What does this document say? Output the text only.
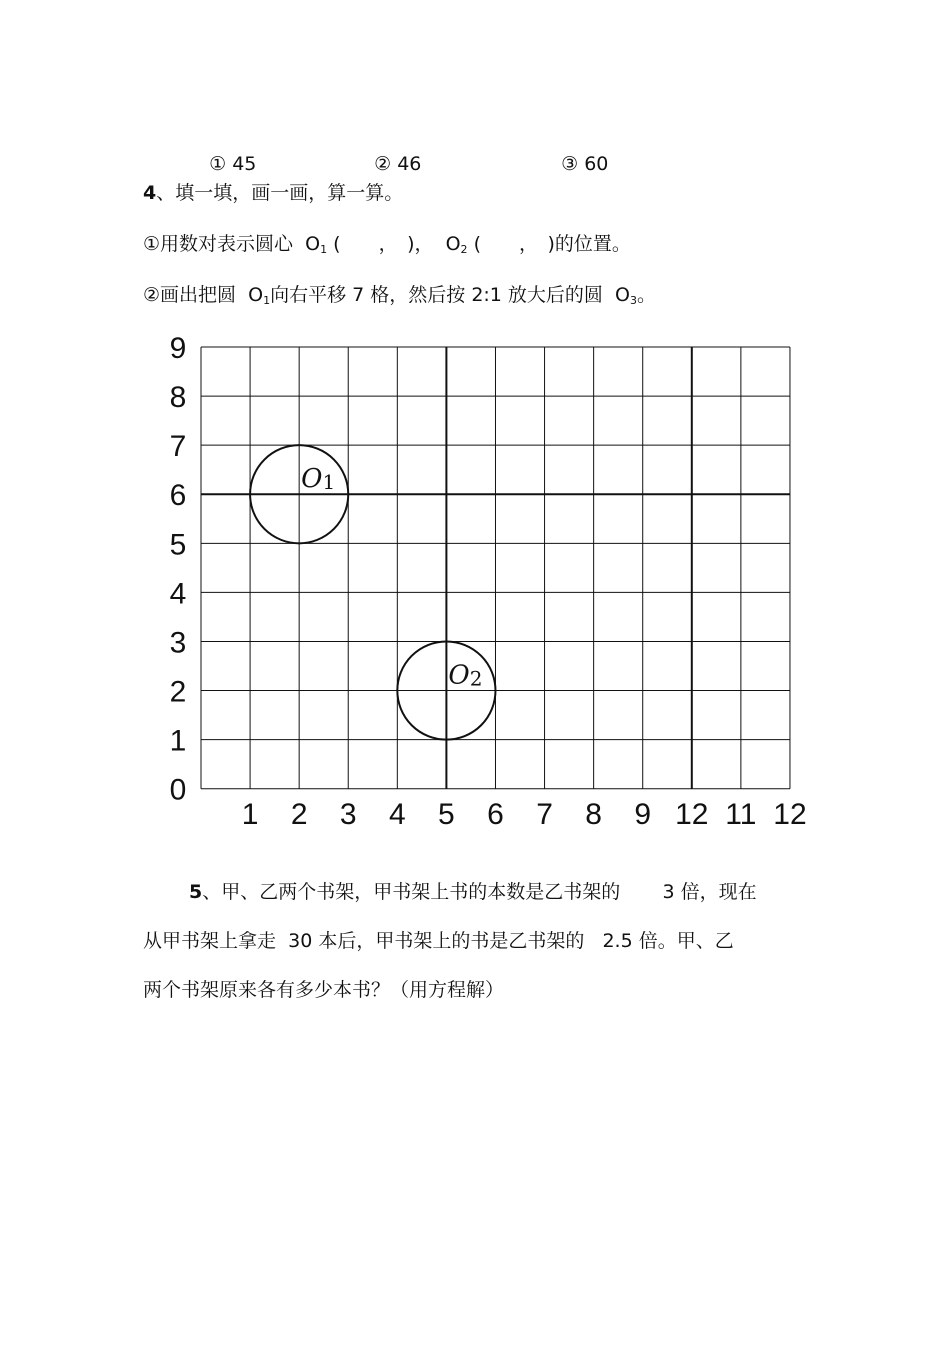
① 45	② 46	③ 60

4、填一填，画一画，算一算。
①用数对表示圆心 $O_1$ (　　，　)， $O_2$ (　　，　)的位置。
②画出把圆 $O_1$向右平移 7 格，然后按 2:1 放大后的圆 $O_3$。
0
1
2
3
4
5
6
7
8
9
1 2 3 4 5 6 7 8 9 12 11 12
O1
O2
5、甲、乙两个书架，甲书架上书的本数是乙书架的 3 倍，现在
从甲书架上拿走 30 本后，甲书架上的书是乙书架的 2.5 倍。甲、乙
两个书架原来各有多少本书？（用方程解）
